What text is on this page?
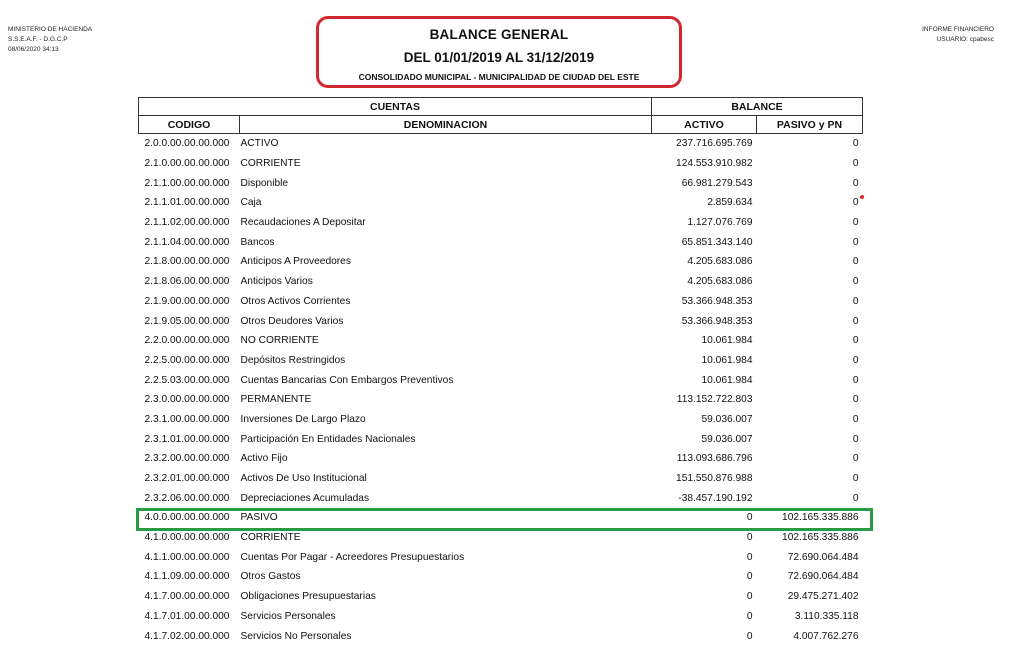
MINISTERIO DE HACIENDA
S.S.E.A.F. - D.G.C.P
08/06/2020 34:13
INFORME FINANCIERO
USUARIO: cpabesc
BALANCE GENERAL
DEL 01/01/2019 AL 31/12/2019
CONSOLIDADO MUNICIPAL - MUNICIPALIDAD DE CIUDAD DEL ESTE
CUENTAS		BALANCE	
CODIGO	DENOMINACION	ACTIVO	PASIVO y PN
2.0.0.00.00.00.000	ACTIVO	237.716.695.769	0
2.1.0.00.00.00.000	CORRIENTE	124.553.910.982	0
2.1.1.00.00.00.000	Disponible	66.981.279.543	0
2.1.1.01.00.00.000	Caja	2.859.634	0
2.1.1.02.00.00.000	Recaudaciones A Depositar	1.127.076.769	0
2.1.1.04.00.00.000	Bancos	65.851.343.140	0
2.1.8.00.00.00.000	Anticipos A Proveedores	4.205.683.086	0
2.1.8.06.00.00.000	Anticipos Varios	4.205.683.086	0
2.1.9.00.00.00.000	Otros Activos Corrientes	53.366.948.353	0
2.1.9.05.00.00.000	Otros Deudores Varios	53.366.948.353	0
2.2.0.00.00.00.000	NO CORRIENTE	10.061.984	0
2.2.5.00.00.00.000	Depósitos Restringidos	10.061.984	0
2.2.5.03.00.00.000	Cuentas Bancarias Con Embargos Preventivos	10.061.984	0
2.3.0.00.00.00.000	PERMANENTE	113.152.722.803	0
2.3.1.00.00.00.000	Inversiones De Largo Plazo	59.036.007	0
2.3.1.01.00.00.000	Participación En Entidades Nacionales	59.036.007	0
2.3.2.00.00.00.000	Activo Fijo	113.093.686.796	0
2.3.2.01.00.00.000	Activos De Uso Institucional	151.550.876.988	0
2.3.2.06.00.00.000	Depreciaciones Acumuladas	-38.457.190.192	0
4.0.0.00.00.00.000	PASIVO	0	102.165.335.886
4.1.0.00.00.00.000	CORRIENTE	0	102.165.335.886
4.1.1.00.00.00.000	Cuentas Por Pagar - Acreedores Presupuestarios	0	72.690.064.484
4.1.1.09.00.00.000	Otros Gastos	0	72.690.064.484
4.1.7.00.00.00.000	Obligaciones Presupuestarias	0	29.475.271.402
4.1.7.01.00.00.000	Servicios Personales	0	3.110.335.118
4.1.7.02.00.00.000	Servicios No Personales	0	4.007.762.276
